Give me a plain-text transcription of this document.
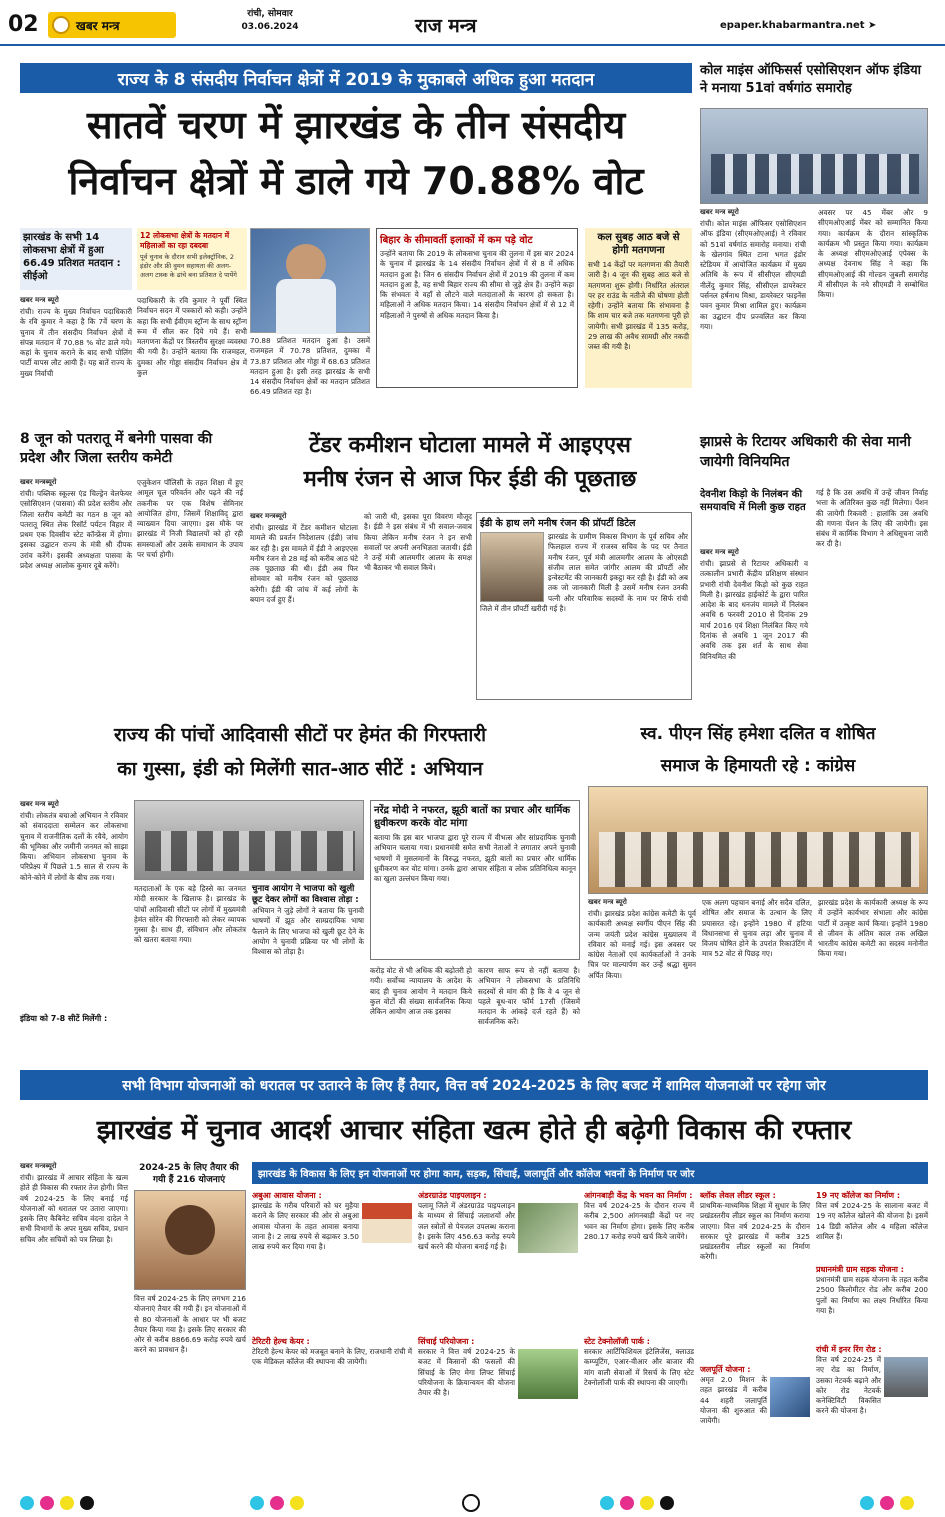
02	खबर मन्त्र
रांची, सोमवार
03.06.2024	राज मन्त्र	epaper.khabarmantra.net ➤
राज्य के 8 संसदीय निर्वाचन क्षेत्रों में 2019 के मुकाबले अधिक हुआ मतदान
सातवें चरण में झारखंड के तीन संसदीय
निर्वाचन क्षेत्रों में डाले गये 70.88% वोट
झारखंड के सभी 14 लोकसभा क्षेत्रों में हुआ 66.49 प्रतिशत मतदान : सीईओ
12 लोकसभा क्षेत्रों के मतदान में महिलाओं का रहा दबदबा
पूर्व चुनाव के दौरान सभी इलेक्ट्रॉनिक, 2 इंडोर और फ्री वुमन सहायता की अलग-अलग टास्क के ढांचे बना प्रतिशत दे पायेंगे
खबर मन्त्र ब्यूरो
रांची। राज्य के मुख्य निर्वाचन पदाधिकारी के रवि कुमार ने कहा है कि 7वें चरण के चुनाव में तीन संसदीय निर्वाचन क्षेत्रों में संपन्न मतदान में 70.88 % वोट डाले गये। कहां के चुनाव कराने के बाद सभी पोलिंग पार्टी वापस लौट आयी हैं। यह बातें राज्य के मुख्य निर्वाची
पदाधिकारी के रवि कुमार ने पूर्वी स्थित निर्वाचन सदन में पत्रकारों को कही। उन्होंने कहा कि सभी ईवीएम स्ट्रॉन्ग के साथ स्ट्रॉन्ग रूम में सील कर दिये गये हैं। सभी मतगणना केंद्रों पर त्रिस्तरीय सुरक्षा व्यवस्था की गयी है। उन्होंने बताया कि राजमहल, दुमका और गोड्डा संसदीय निर्वाचन क्षेत्र में कुल
70.88 प्रतिशत मतदान हुआ है। उसमें राजमहल में 70.78 प्रतिशत, दुमका में 73.87 प्रतिशत और गोड्डा में 68.63 प्रतिशत मतदान हुआ है। इसी तरह झारखंड के सभी 14 संसदीय निर्वाचन क्षेत्रों का मतदान प्रतिशत 66.49 प्रतिशत रहा है।
बिहार के सीमावर्ती इलाकों में कम पड़े वोट
उन्होंने बताया कि 2019 के लोकसभा चुनाव की तुलना में इस बार 2024 के चुनाव में झारखंड के 14 संसदीय निर्वाचन क्षेत्रों में से 8 में अधिक मतदान हुआ है। जिन 6 संसदीय निर्वाचन क्षेत्रों में 2019 की तुलना में कम मतदान हुआ है, वह सभी बिहार राज्य की सीमा से जुड़े क्षेत्र हैं। उन्होंने कहा कि संभवतः ये वहाँ से लौटने वाले मतदाताओं के कारण हो सकता है। महिलाओं ने अधिक मतदान किया। 14 संसदीय निर्वाचन क्षेत्रों में से 12 में महिलाओं ने पुरुषों से अधिक मतदान किया है।
कल सुबह आठ बजे से होगी मतगणना
सभी 14 केंद्रों पर मतगणना की तैयारी जारी है। 4 जून की सुबह आठ बजे से मतगणना शुरू होगी। निर्धारित अंतराल पर हर राउंड के नतीजे की घोषणा होती रहेगी। उन्होंने बताया कि संभावना है कि शाम चार बजे तक मतगणना पूरी हो जायेगी। सभी झारखंड में 135 करोड़, 29 लाख की अवैध सामग्री और नकदी जब्त की गयी है।
कोल माइंस ऑफिसर्स एसोसिएशन ऑफ इंडिया ने मनाया 51वां वर्षगांठ समारोह
खबर मन्त्र ब्यूरो
रांची। कोल माइंस ऑफिसर एसोसिएशन ऑफ इंडिया (सीएमओएआई) ने रविवार को 51वां वर्षगांठ समारोह मनाया। रांची के खेलगांव स्थित टाना भगत इंडोर स्टेडियम में आयोजित कार्यक्रम में मुख्य अतिथि के रूप में सीसीएल सीएमडी नीलेंदु कुमार सिंह, सीसीएल डायरेक्टर पर्सनल हर्षनाथ मिश्रा, डायरेक्टर फाइनेंस पवन कुमार मिश्रा शामिल हुए। कार्यक्रम का उद्घाटन दीप प्रज्वलित कर किया गया।
अवसर पर 45 मेंबर और 9 सीएमओएआई मेंबर को सम्मानित किया गया। कार्यक्रम के दौरान सांस्कृतिक कार्यक्रम भी प्रस्तुत किया गया। कार्यक्रम के अध्यक्ष सीएमओएआई एपेक्स के अध्यक्ष देवनाथ सिंह ने कहा कि सीएमओएआई की गोल्डन जुबली समारोह में सीसीएल के नये सीएमडी ने सम्बोधित किया।
8 जून को पतरातू में बनेगी पासवा की प्रदेश और जिला स्तरीय कमेटी
खबर मन्त्रब्यूरो
रांची। पब्लिक स्कूल्स एंड चिल्ड्रेन वेलफेयर एसोसिएशन (पासवा) की प्रदेश स्तरीय और जिला स्तरीय कमेटी का गठन 8 जून को पतरातू स्थित लेक रिसॉर्ट पर्यटन विहार में प्रथम एक दिवसीय स्टेट कॉन्फ्रेंस में होगा। इसका उद्घाटन राज्य के मंत्री श्री दीपक उरांव करेंगे। इसकी अध्यक्षता पासवा के प्रदेश अध्यक्ष आलोक कुमार दूबे करेंगे।
एजुकेशन पॉलिसी के तहत शिक्षा में हुए आमूल चूल परिवर्तन और पढ़ने की नई तकनीक पर एक विशेष सेमिनार आयोजित होगा, जिसमें शिक्षाविद् द्वारा व्याख्यान दिया जाएगा। इस मौके पर झारखंड में निजी विद्यालयों को हो रही समस्याओं और उसके समाधान के उपाय पर चर्चा होगी।
टेंडर कमीशन घोटाला मामले में आइएएस
मनीष रंजन से आज फिर ईडी की पूछताछ
खबर मन्त्रब्यूरो
रांची। झारखंड में टेंडर कमीशन घोटाला मामले की प्रवर्तन निदेशालय (ईडी) जांच कर रही है। इस मामले में ईडी ने आइएएस मनीष रंजन से 28 मई को करीब आठ घंटे तक पूछताछ की थी। ईडी अब फिर सोमवार को मनीष रंजन को पूछताछ करेगी। ईडी की जांच में कई लोगों के बयान दर्ज हुए हैं।
को जारी थी, इसका पूरा विवरण मौजूद है। ईडी ने इस संबंध में भी सवाल-जवाब किया लेकिन मनीष रंजन ने इन सभी सवालों पर अपनी अनभिज्ञता जतायी। ईडी ने उन्हें मंत्री आलमगीर आलम के समक्ष भी बैठाकर भी सवाल किये।
ईडी के हाथ लगे मनीष रंजन की प्रॉपर्टी डिटेल
झारखंड के ग्रामीण विकास विभाग के पूर्व सचिव और फिलहाल राज्य में राजस्व सचिव के पद पर तैनात मनीष रंजन, पूर्व मंत्री आलमगीर आलम के ओएसडी संजीव लाल समेत जांगीर आलम की प्रॉपर्टी और इन्वेस्टमेंट की जानकारी इकट्ठा कर रही है। ईडी को अब तक जो जानकारी मिली है उसमें मनीष रंजन उनकी पत्नी और परिवारिक सदस्यों के नाम पर सिर्फ रांची जिले में तीन प्रॉपर्टी खरीदी गई है।
झाप्रसे के रिटायर अधिकारी की सेवा मानी जायेगी विनियमित
देवनीश किड़ो के निलंबन की समयावधि में मिली कुछ राहत
खबर मन्त्र ब्यूरो
रांची। झाप्रसे से रिटायर अधिकारी व तत्कालीन प्रभारी केंद्रीय प्रशिक्षण संस्थान प्रभारी रांची देवनीश किड़ो को कुछ राहत मिली है। झारखंड हाईकोर्ट के द्वारा पारित आदेश के बाद धनजंय मामले में निलंबन अवधि 6 फरवरी 2010 से दिनांक 29 मार्च 2016 एवं शिक्षा निलंबित किए गये दिनांक से अवधि 1 जून 2017 की अवधि तक इस शर्त के साथ सेवा विनियमित की
गई है कि उस अवधि में उन्हें जीवन निर्वाह भत्ता के अतिरिक्त कुछ नहीं मिलेगा। पेंशन की जायेगी रिकवरी : हालांकि उस अवधि की गणना पेंशन के लिए की जायेगी। इस संबंध में कार्मिक विभाग ने अधिसूचना जारी कर दी है।
राज्य की पांचों आदिवासी सीटों पर हेमंत की गिरफ्तारी
का गुस्सा, इंडी को मिलेंगी सात-आठ सीटें : अभियान
खबर मन्त्र ब्यूरो
रांची। लोकतंत्र बचाओ अभियान ने रविवार को संवाददाता सम्मेलन कर लोकसभा चुनाव में राजनीतिक दलों के रवैये, आयोग की भूमिका और जमीनी जनमत को साझा किया। अभियान लोकसभा चुनाव के परिप्रेक्ष्य में पिछले 1.5 साल से राज्य के कोने-कोने में लोगों के बीच तक गया।
इंडिया को 7-8 सीटें मिलेंगी :
मतदाताओं के एक बड़े हिस्से का जनमत मोदी सरकार के खिलाफ है। झारखंड के पांचों आदिवासी सीटों पर लोगों में मुख्यमंत्री हेमंत सोरेन की गिरफ्तारी को लेकर व्यापक गुस्सा है। साथ ही, संविधान और लोकतंत्र को खतरा बताया गया।
चुनाव आयोग ने भाजपा को खुली छूट देकर लोगों का विश्वास तोड़ा :
अभियान ने जुड़े लोगों ने बताया कि चुनावी भाषणों में झूठ और साम्प्रदायिक भाषा फैलाने के लिए भाजपा को खुली छूट देने के आयोग ने चुनावी प्रक्रिया पर भी लोगों के विश्वास को तोड़ा है।
नरेंद्र मोदी ने नफरत, झूठी बातों का प्रचार और धार्मिक ध्रुवीकरण करके वोट मांगा
बताया कि इस बार भाजपा द्वारा पूरे राज्य में वीभत्स और सांप्रदायिक चुनावी अभियान चलाया गया। प्रधानमंत्री समेत सभी नेताओं ने लगातार अपने चुनावी भाषणों में मुसलमानों के विरुद्ध नफरत, झूठी बातों का प्रचार और धार्मिक ध्रुवीकरण कर वोट मांगा। उनके द्वारा आचार संहिता व लोक प्रतिनिधित्व कानून का खुला उल्लंघन किया गया।
करोड़ वोट से भी अधिक की बढ़ोतरी हो गयी। सर्वोच्च न्यायालय के आदेश के बाद ही चुनाव आयोग ने मतदान किये कुल वोटों की संख्या सार्वजनिक किया लेकिन आयोग आज तक इसका
कारण साफ रूप से नहीं बताया है। अभियान ने लोकसभा के प्रतिनिधि सदस्यों से मांग की है कि वे 4 जून से पहले बूथ-वार फॉर्म 17सी (जिसमें मतदान के आंकड़े दर्ज रहते हैं) को सार्वजनिक करें।
स्व. पीएन सिंह हमेशा दलित व शोषित
समाज के हिमायती रहे : कांग्रेस
खबर मन्त्र ब्यूरो
रांची। झारखंड प्रदेश कांग्रेस कमेटी के पूर्व कार्यकारी अध्यक्ष स्वर्गीय पीएन सिंह की जन्म जयंती प्रदेश कांग्रेस मुख्यालय में रविवार को मनाई गई। इस अवसर पर कांग्रेस नेताओं एवं कार्यकर्ताओं ने उनके चित्र पर माल्यार्पण कर उन्हें श्रद्धा सुमन अर्पित किया।
एक अलग पहचान बनाई और सदैव दलित, शोषित और समाज के उत्थान के लिए प्रयासरत रहे। इन्होंने 1980 में हटिया विधानसभा से चुनाव लड़ा और चुनाव में विजय घोषित होने के उपरांत रिकाउंटिंग में मात्र 52 वोट से पिछड़ गए।
झारखंड प्रदेश के कार्यकारी अध्यक्ष के रूप में उन्होंने कार्यभार संभाला और कांग्रेस पार्टी में उत्कृष्ट कार्य किया। इन्होंने 1980 से जीवन के अंतिम काल तक अखिल भारतीय कांग्रेस कमेटी का सदस्य मनोनीत किया गया।
सभी विभाग योजनाओं को धरातल पर उतारने के लिए हैं तैयार, वित्त वर्ष 2024-2025 के लिए बजट में शामिल योजनाओं पर रहेगा जोर
झारखंड में चुनाव आदर्श आचार संहिता खत्म होते ही बढ़ेगी विकास की रफ्तार
खबर मन्त्रब्यूरो
रांची। झारखंड में आचार संहिता के खत्म होते ही विकास की रफ्तार तेज होगी। वित्त वर्ष 2024-25 के लिए बनाई गई योजनाओं को धरातल पर उतारा जाएगा। इसके लिए कैबिनेट सचिव वंदना दादेल ने सभी विभागों के अपर मुख्य सचिव, प्रधान सचिव और सचिवों को पत्र लिखा है।
2024-25 के लिए तैयार की गयी हैं 216 योजनाएं
वित्त वर्ष 2024-25 के लिए लगभग 216 योजनाएं तैयार की गयी हैं। इन योजनाओं में से 80 योजनाओं के आधार पर भी बजट तैयार किया गया है। इसके लिए सरकार की ओर से करीब 8866.69 करोड़ रुपये खर्च करने का प्रावधान है।
झारखंड के विकास के लिए इन योजनाओं पर होगा काम, सड़क, सिंचाई, जलापूर्ति और कॉलेज भवनों के निर्माण पर जोर
अबुआ आवास योजना :
झारखंड के गरीब परिवारों को घर मुहैया कराने के लिए सरकार की ओर से अबुआ आवास योजना के तहत आवास बनाया जाना है। 2 लाख रुपये से बढ़ाकर 3.50 लाख रुपये कर दिया गया है।
अंडरग्राउंड पाइपलाइन :
पलामू जिले में अंडरग्राउंड पाइपलाइन के माध्यम से सिंचाई जलाशयों और जल स्त्रोतों से पेयजल उपलब्ध कराना है। इसके लिए 456.63 करोड़ रुपये खर्च करने की योजना बनाई गई है।
आंगनबाड़ी केंद्र के भवन का निर्माण :
वित्त वर्ष 2024-25 के दौरान राज्य में करीब 2,500 आंगनबाड़ी केंद्रों पर नए भवन का निर्माण होगा। इसके लिए करीब 280.17 करोड़ रुपये खर्च किये जायेंगे।
ब्लॉक लेवल लीडर स्कूल :
प्राथमिक-माध्यमिक शिक्षा में सुधार के लिए प्रखंडस्तरीय लीडर स्कूल का निर्माण कराया जाएगा। वित्त वर्ष 2024-25 के दौरान सरकार पूरे झारखंड में करीब 325 प्रखंडस्तरीय लीडर स्कूलों का निर्माण करेगी।
19 नए कॉलेज का निर्माण :
वित्त वर्ष 2024-25 के सालाना बजट में 19 नए कॉलेज खोलने की योजना है। इसमें 14 डिग्री कॉलेज और 4 महिला कॉलेज शामिल हैं।
प्रधानमंत्री ग्राम सड़क योजना :
प्रधानमंत्री ग्राम सड़क योजना के तहत करीब 2500 किलोमीटर रोड और करीब 200 पुलों का निर्माण का लक्ष्य निर्धारित किया गया है।
टेरिटरी हेल्थ केयर :
टेरिटरी हेल्थ केयर को मजबूत बनाने के लिए, राजधानी रांची में एक मेडिकल कॉलेज की स्थापना की जायेगी।
सिंचाई परियोजना :
सरकार ने वित्त वर्ष 2024-25 के बजट में किसानों की फसलों की सिंचाई के लिए मेगा लिफ्ट सिंचाई परियोजना के क्रियान्वयन की योजना तैयार की है।
स्टेट टेक्नोलॉजी पार्क :
सरकार आर्टिफिशियल इंटेलिजेंस, क्लाउड कम्प्यूटिंग, एआर-वीआर और बाजार की मांग वाली सेवाओं में रिसर्च के लिए स्टेट टेक्नोलॉजी पार्क की स्थापना की जाएगी।
जलपूर्ति योजना :
अमृत 2.0 मिशन के तहत झारखंड में करीब 44 शहरी जलापूर्ति योजना की शुरुआत की जायेगी।
रांची में इनर रिंग रोड :
वित्त वर्ष 2024-25 में नए रोड का निर्माण, उसका नेटवर्क बढ़ाने और कोर रोड नेटवर्क कनेक्टिविटी विकसित करने की योजना है।
